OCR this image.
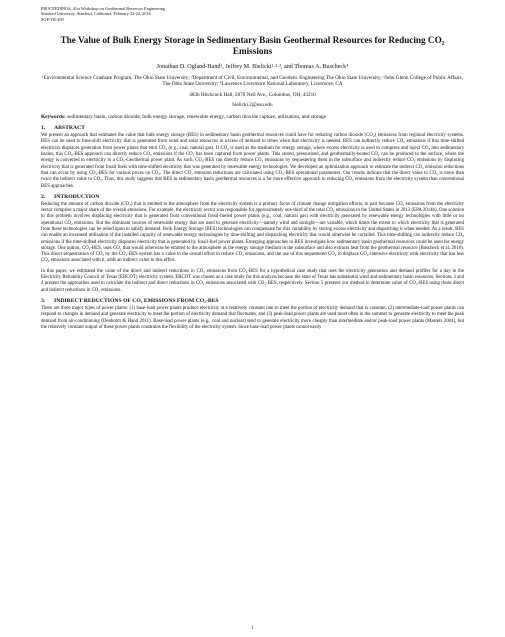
PROCEEDINGS, 41st Workshop on Geothermal Reservoir Engineering
Stanford University, Stanford, California, February 22-24, 2016
SGP-TR-209
The Value of Bulk Energy Storage in Sedimentary Basin Geothermal Resources for Reducing CO₂ Emissions
Jonathan D. Ogland-Hand¹, Jeffrey M. Bielicki¹·²·³, and Thomas A. Buscheck⁴
¹Environmental Science Graduate Program, The Ohio State University; ²Department of Civil, Environmental, and Geodetic Engineering The Ohio State University; ³John Glenn College of Public Affairs, The Ohio State University; ⁴Lawrence Livermore National Laboratory, Livermore, CA
483b Hitchcock Hall, 2070 Neil Ave., Columbus, OH, 43210
bielicki.2@osu.edu
Keywords: sedimentary basin, carbon dioxide, bulk energy storage, renewable energy, carbon dioxide capture, utilization, and storage
1. ABSTRACT

We present an approach that estimates the value that bulk energy storage (BES) in sedimentary basin geothermal resources could have for reducing carbon dioxide (CO₂) emissions from regional electricity systems. BES can be used to time-shift electricity that is generated from wind and solar resources in excess of demand to times when that electricity is needed. BES can indirectly reduce CO₂ emissions if this time-shifted electricity displaces generation from power plants that emit CO₂ (e.g., coal, natural gas). If CO₂ is used as the medium for energy storage, where excess electricity is used to compress and inject CO₂ into sedimentary basins, this CO₂-BES approach can directly reduce CO₂ emissions if the CO₂ has been captured from power plants. This stored, pressurized, and geothermally-heated CO₂ can be produced to the surface, where the energy is converted to electricity in a CO₂-Geothermal power plant. As such, CO₂-BES can directly reduce CO₂ emissions by sequestering them in the subsurface and indirectly reduce CO₂ emissions by displacing electricity that is generated from fossil fuels with time-shifted electricity that was generated by renewable energy technologies. We developed an optimization approach to estimate the indirect CO₂ emission reductions that can occur by using CO₂-BES for various prices on CO₂. The direct CO₂ emission reductions are calculated using CO₂-BES operational parameters. Our results indicate that the direct value to CO₂ is more than twice the indirect value to CO₂. Thus, this study suggests that BES in sedimentary basin geothermal resources is a far more effective approach to reducing CO₂ emissions from the electricity system than conventional BES approaches.

2. INTRODUCTION

Reducing the amount of carbon dioxide (CO₂) that is emitted to the atmosphere from the electricity system is a primary focus of climate change mitigation efforts, in part because CO₂ emissions from the electricity sector comprise a major share of the overall emissions. For example, the electricity sector was responsible for approximately one-third of the total CO₂ emissions in the United States in 2013 (EPA 2014b). One solution to this problem involves displacing electricity that is generated from conventional fossil-fueled power plants (e.g., coal, natural gas) with electricity generated by renewable energy technologies with little or no operational CO₂ emissions. But the dominant sources of renewable energy that are used to generate electricity—namely wind and sunlight—are variable, which limits the extent to which electricity that is generated from these technologies can be relied upon to satisfy demand. Bulk Energy Storage (BES) technologies can compensate for this variability by storing excess electricity and dispatching it when needed. As a result, BES can enable an increased utilization of the installed capacity of renewable energy technologies by time-shifting and dispatching electricity that would otherwise be curtailed. This time-shifting can indirectly reduce CO₂ emissions if the time-shifted electricity displaces electricity that is generated by fossil-fuel power plants. Emerging approaches to BES investigate how sedimentary basin geothermal resources could be used for energy storage. One option, CO₂-BES, uses CO₂ that would otherwise be emitted to the atmosphere as the energy storage medium in the subsurface and also extracts heat from the geothermal resource (Buscheck et al. 2016). This direct sequestration of CO₂ by the CO₂-BES system has a value to the overall effort to reduce CO₂ emissions, and the use of this sequestered CO₂ to displace CO₂-intensive electricity with electricity that has less CO₂ emissions associated with it, adds an indirect value to this effort.

In this paper, we estimated the value of the direct and indirect reductions in CO₂ emissions from CO₂-BES for a hypothetical case study that uses the electricity generation and demand profiles for a day in the Electricity Reliability Council of Texas (ERCOT) electricity system. ERCOT was chosen as a case study for this analysis because the state of Texas has substantial wind and sedimentary basin resources. Sections 3 and 4 present the approaches used to calculate the indirect and direct reductions in CO₂ emissions associated with CO₂-BES, respectively. Section 5 presents our method to determine value of CO₂-BES using those direct and indirect reductions in CO₂ emissions.

3. INDIRECT REDUCTIONS OF CO₂ EMISSIONS FROM CO₂-BES

There are three major types of power plants: (1) base-load power plants produce electricity at a relatively constant rate to meet the portion of electricity demand that is constant, (2) intermediate-load power plants can respond to changes in demand and generate electricity to meet the portion of electricity demand that fluctuates, and (3) peak-load power plants are used most often in the summer to generate electricity to meet the peak demand from air-conditioning (Denholm & Hand 2011). Base-load power plants (e.g., coal and nuclear) tend to generate electricity more cheaply than intermediate and/or peak-load power plants (Masters 2004), but the relatively constant output of these power plants constrains the flexibility of the electricity system. Since base-load power plants cannot easily

1
